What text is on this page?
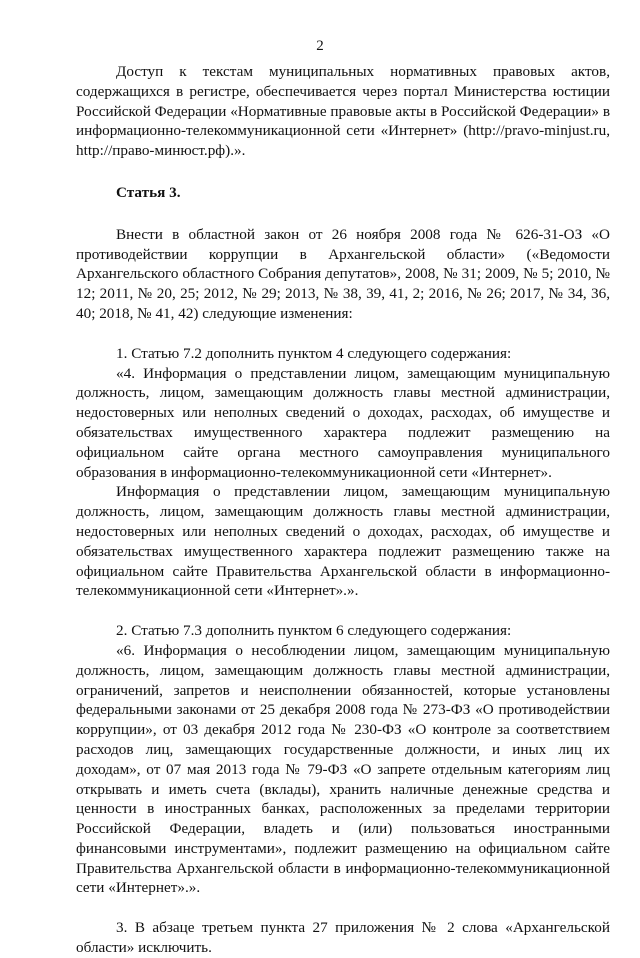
2

Доступ к текстам муниципальных нормативных правовых актов, содержащихся в регистре, обеспечивается через портал Министерства юстиции Российской Федерации «Нормативные правовые акты в Российской Федерации» в информационно-телекоммуникационной сети «Интернет» (http://pravo-minjust.ru, http://право-минюст.рф).».

Статья 3.

Внести в областной закон от 26 ноября 2008 года № 626-31-ОЗ «О противодействии коррупции в Архангельской области» («Ведомости Архангельского областного Собрания депутатов», 2008, № 31; 2009, № 5; 2010, № 12; 2011, № 20, 25; 2012, № 29; 2013, № 38, 39, 41, 2; 2016, № 26; 2017, № 34, 36, 40; 2018, № 41, 42) следующие изменения:

1. Статью 7.2 дополнить пунктом 4 следующего содержания:

«4. Информация о представлении лицом, замещающим муниципальную должность, лицом, замещающим должность главы местной администрации, недостоверных или неполных сведений о доходах, расходах, об имуществе и обязательствах имущественного характера подлежит размещению на официальном сайте органа местного самоуправления муниципального образования в информационно-телекоммуникационной сети «Интернет».

Информация о представлении лицом, замещающим муниципальную должность, лицом, замещающим должность главы местной администрации, недостоверных или неполных сведений о доходах, расходах, об имуществе и обязательствах имущественного характера подлежит размещению также на официальном сайте Правительства Архангельской области в информационно-телекоммуникационной сети «Интернет».».

2. Статью 7.3 дополнить пунктом 6 следующего содержания:

«6. Информация о несоблюдении лицом, замещающим муниципальную должность, лицом, замещающим должность главы местной администрации, ограничений, запретов и неисполнении обязанностей, которые установлены федеральными законами от 25 декабря 2008 года № 273-ФЗ «О противодействии коррупции», от 03 декабря 2012 года № 230-ФЗ «О контроле за соответствием расходов лиц, замещающих государственные должности, и иных лиц их доходам», от 07 мая 2013 года № 79-ФЗ «О запрете отдельным категориям лиц открывать и иметь счета (вклады), хранить наличные денежные средства и ценности в иностранных банках, расположенных за пределами территории Российской Федерации, владеть и (или) пользоваться иностранными финансовыми инструментами», подлежит размещению на официальном сайте Правительства Архангельской области в информационно-телекоммуникационной сети «Интернет».».

3. В абзаце третьем пункта 27 приложения № 2 слова «Архангельской области» исключить.
